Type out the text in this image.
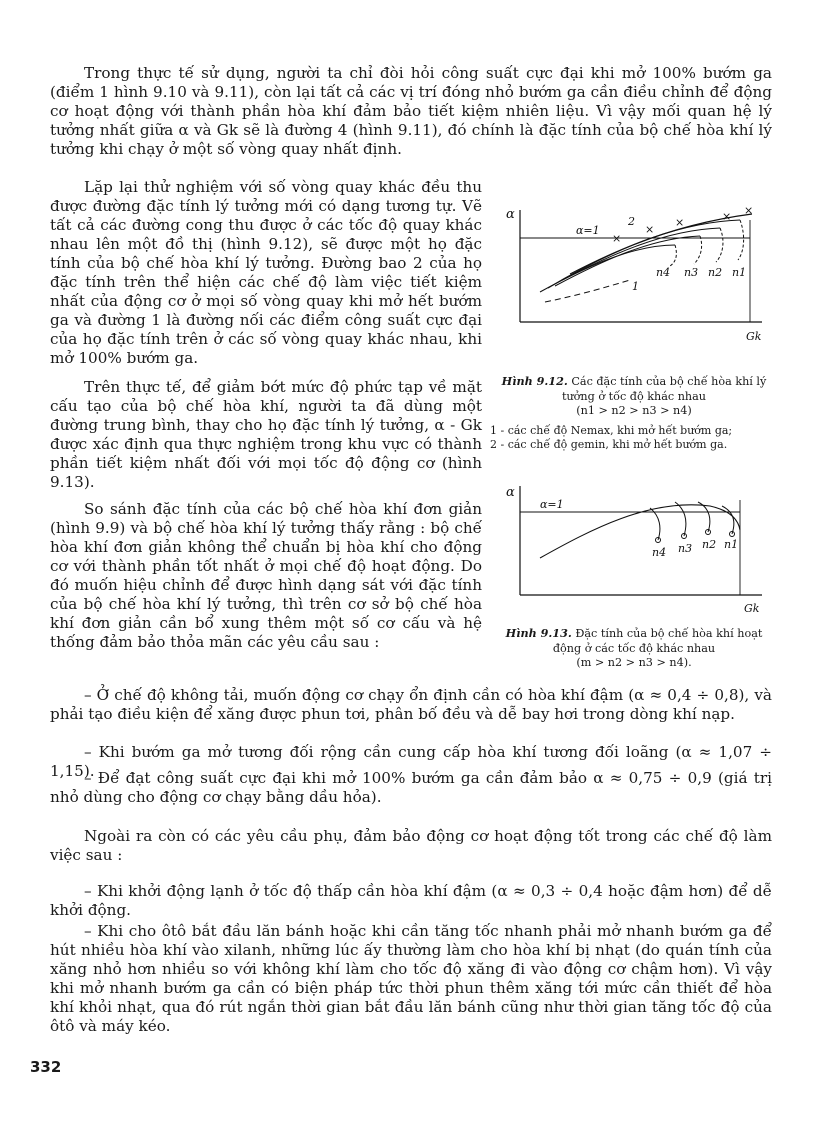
Trong thực tế sử dụng, người ta chỉ đòi hỏi công suất cực đại khi mở 100% bướm ga (điểm 1 hình 9.10 và 9.11), còn lại tất cả các vị trí đóng nhỏ bướm ga cần điều chỉnh để động cơ hoạt động với thành phần hòa khí đảm bảo tiết kiệm nhiên liệu. Vì vậy mối quan hệ lý tưởng nhất giữa α và Gk sẽ là đường 4 (hình 9.11), đó chính là đặc tính của bộ chế hòa khí lý tưởng khi chạy ở một số vòng quay nhất định.

Lặp lại thử nghiệm với số vòng quay khác đều thu được đường đặc tính lý tưởng mới có dạng tương tự. Vẽ tất cả các đường cong thu được ở các tốc độ quay khác nhau lên một đồ thị (hình 9.12), sẽ được một họ đặc tính của bộ chế hòa khí lý tưởng. Đường bao 2 của họ đặc tính trên thể hiện các chế độ làm việc tiết kiệm nhất của động cơ ở mọi số vòng quay khi mở hết bướm ga và đường 1 là đường nối các điểm công suất cực đại của họ đặc tính trên ở các số vòng quay khác nhau, khi mở 100% bướm ga.

Trên thực tế, để giảm bớt mức độ phức tạp về mặt cấu tạo của bộ chế hòa khí, người ta đã dùng một đường trung bình, thay cho họ đặc tính lý tưởng, α - Gk được xác định qua thực nghiệm trong khu vực có thành phần tiết kiệm nhất đối với mọi tốc độ động cơ (hình 9.13).

So sánh đặc tính của các bộ chế hòa khí đơn giản (hình 9.9) và bộ chế hòa khí lý tưởng thấy rằng : bộ chế hòa khí đơn giản không thể chuẩn bị hòa khí cho động cơ với thành phần tốt nhất ở mọi chế độ hoạt động. Do đó muốn hiệu chỉnh để được hình dạng sát với đặc tính của bộ chế hòa khí lý tưởng, thì trên cơ sở bộ chế hòa khí đơn giản cần bổ xung thêm một số cơ cấu và hệ thống đảm bảo thỏa mãn các yêu cầu sau :

×
×
×	× ×
α
Gk
α=1
2
1
n4 n3 n2 n1
Hình 9.12. Các đặc tính của bộ chế hòa khí lý tưởng ở tốc độ khác nhau
(n1 > n2 > n3 > n4)
1 - các chế độ Nemax, khi mở hết bướm ga;
2 - các chế độ gemin, khi mở hết bướm ga.
α
Gk
α=1
n4 n3 n2 n1
Hình 9.13. Đặc tính của bộ chế hòa khí hoạt động ở các tốc độ khác nhau
(m > n2 > n3 > n4).

– Ở chế độ không tải, muốn động cơ chạy ổn định cần có hòa khí đậm (α ≈ 0,4 ÷ 0,8), và phải tạo điều kiện để xăng được phun tơi, phân bố đều và dễ bay hơi trong dòng khí nạp.

– Khi bướm ga mở tương đối rộng cần cung cấp hòa khí tương đối loãng (α ≈ 1,07 ÷ 1,15).

– Để đạt công suất cực đại khi mở 100% bướm ga cần đảm bảo α ≈ 0,75 ÷ 0,9 (giá trị nhỏ dùng cho động cơ chạy bằng dầu hỏa).

Ngoài ra còn có các yêu cầu phụ, đảm bảo động cơ hoạt động tốt trong các chế độ làm việc sau :

– Khi khởi động lạnh ở tốc độ thấp cần hòa khí đậm (α ≈ 0,3 ÷ 0,4 hoặc đậm hơn) để dễ khởi động.

– Khi cho ôtô bắt đầu lăn bánh hoặc khi cần tăng tốc nhanh phải mở nhanh bướm ga để hút nhiều hòa khí vào xilanh, những lúc ấy thường làm cho hòa khí bị nhạt (do quán tính của xăng nhỏ hơn nhiều so với không khí làm cho tốc độ xăng đi vào động cơ chậm hơn). Vì vậy khi mở nhanh bướm ga cần có biện pháp tức thời phun thêm xăng tới mức cần thiết để hòa khí khỏi nhạt, qua đó rút ngắn thời gian bắt đầu lăn bánh cũng như thời gian tăng tốc độ của ôtô và máy kéo.

332
